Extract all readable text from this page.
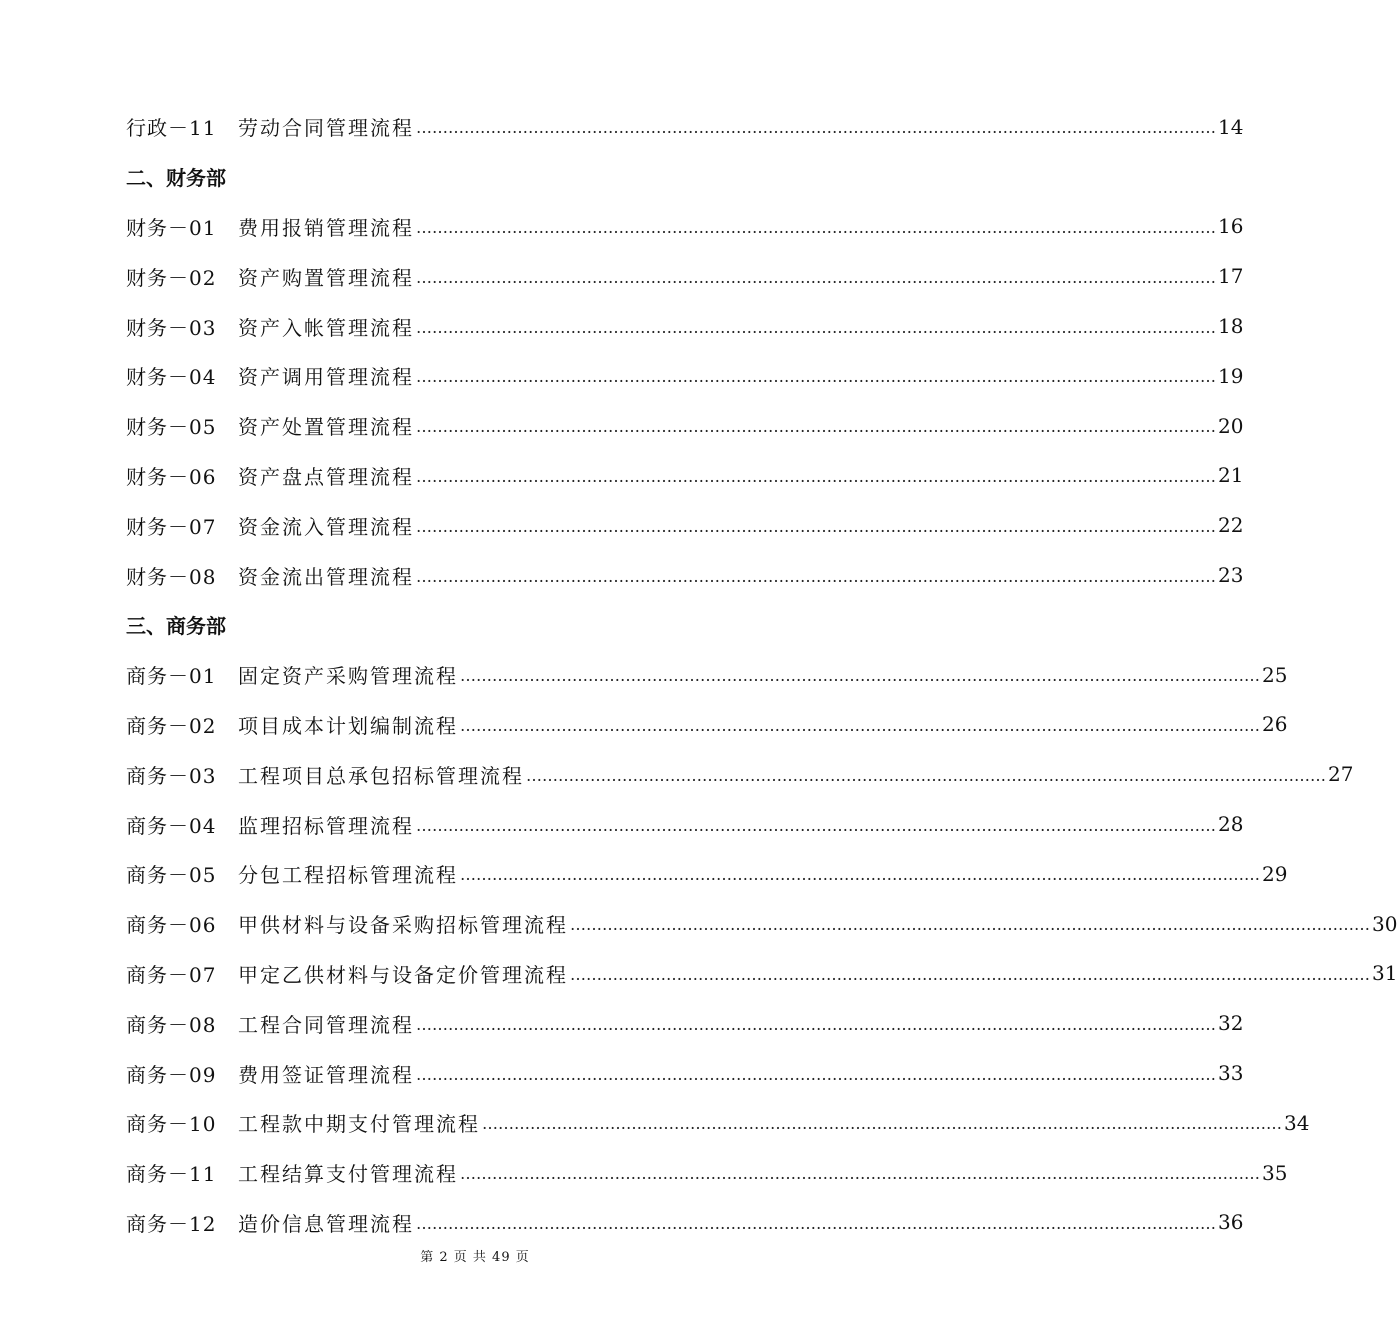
行政－11	劳动合同管理流程 …………………………………………………………………………………………………………………………………… 14
二、财务部
财务－01	费用报销管理流程 …………………………………………………………………………………………………………………………………… 16
财务－02	资产购置管理流程 …………………………………………………………………………………………………………………………………… 17
财务－03	资产入帐管理流程 …………………………………………………………………………………………………………………………………… 18
财务－04	资产调用管理流程 …………………………………………………………………………………………………………………………………… 19
财务－05	资产处置管理流程 …………………………………………………………………………………………………………………………………… 20
财务－06	资产盘点管理流程 …………………………………………………………………………………………………………………………………… 21
财务－07	资金流入管理流程 …………………………………………………………………………………………………………………………………… 22
财务－08	资金流出管理流程 …………………………………………………………………………………………………………………………………… 23
三、商务部
商务－01	固定资产采购管理流程 …………………………………………………………………………………………………………………………………… 25
商务－02	项目成本计划编制流程 …………………………………………………………………………………………………………………………………… 26
商务－03	工程项目总承包招标管理流程 …………………………………………………………………………………………………………………………………… 27
商务－04	监理招标管理流程 …………………………………………………………………………………………………………………………………… 28
商务－05	分包工程招标管理流程 …………………………………………………………………………………………………………………………………… 29
商务－06	甲供材料与设备采购招标管理流程 …………………………………………………………………………………………………………………………………… 30
商务－07	甲定乙供材料与设备定价管理流程 …………………………………………………………………………………………………………………………………… 31
商务－08	工程合同管理流程 …………………………………………………………………………………………………………………………………… 32
商务－09	费用签证管理流程 …………………………………………………………………………………………………………………………………… 33
商务－10	工程款中期支付管理流程 …………………………………………………………………………………………………………………………………… 34
商务－11	工程结算支付管理流程 …………………………………………………………………………………………………………………………………… 35
商务－12	造价信息管理流程 …………………………………………………………………………………………………………………………………… 36
第 2 页 共 49 页
